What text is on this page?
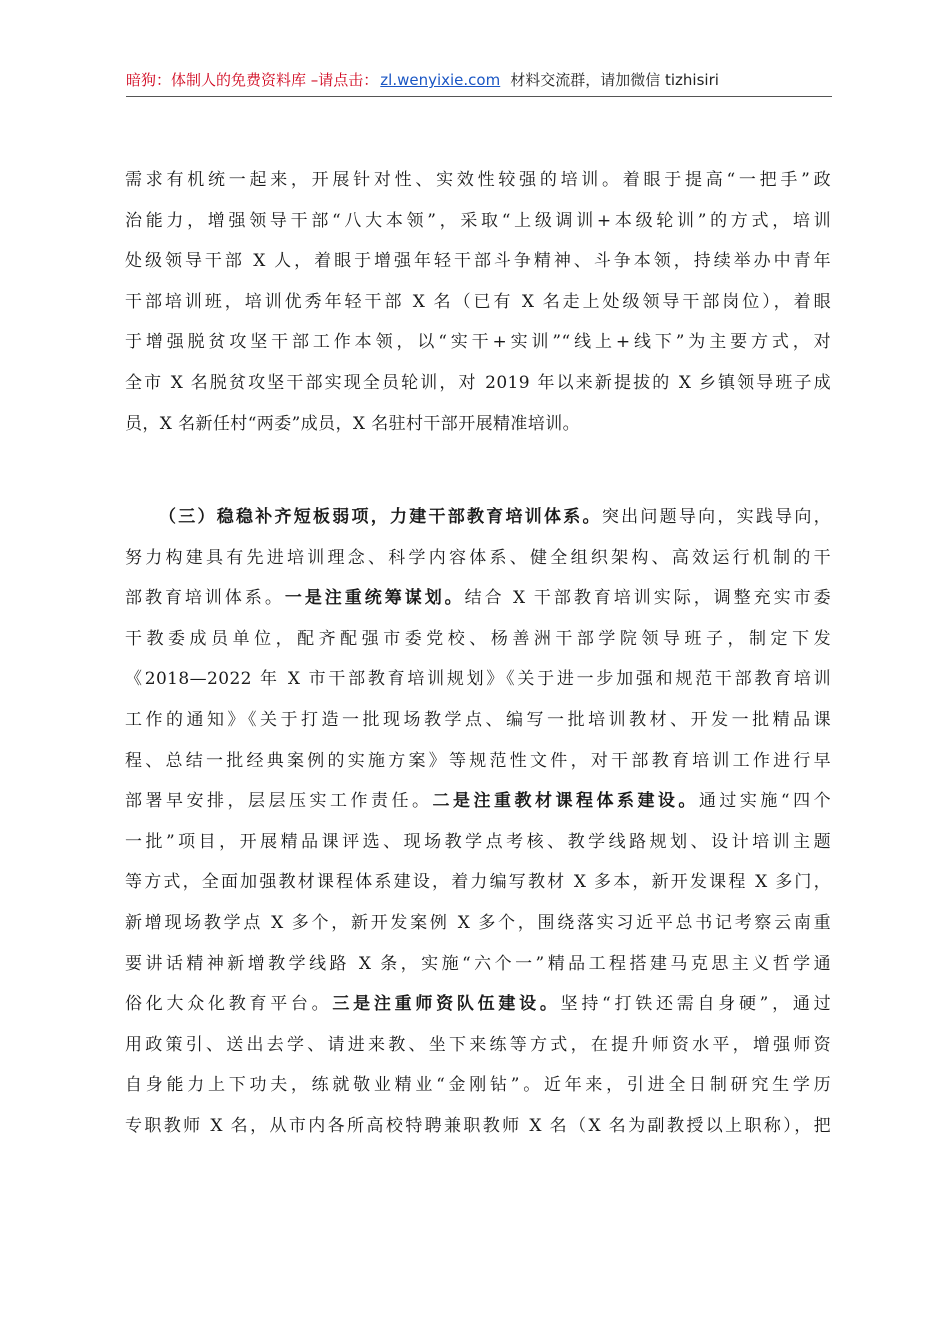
暗狗：体制人的免费资料库 –请点击： zl.wenyixie.com 材料交流群，请加微信 tizhisiri
需求有机统一起来，开展针对性、实效性较强的培训。着眼于提高“一把手”政
治能力，增强领导干部“八大本领”，采取“上级调训+本级轮训”的方式，培训
处级领导干部 X 人，着眼于增强年轻干部斗争精神、斗争本领，持续举办中青年
干部培训班，培训优秀年轻干部 X 名（已有 X 名走上处级领导干部岗位），着眼
于增强脱贫攻坚干部工作本领，以“实干+实训”“线上+线下”为主要方式，对
全市 X 名脱贫攻坚干部实现全员轮训，对 2019 年以来新提拔的 X 乡镇领导班子成
员，X 名新任村“两委”成员，X 名驻村干部开展精准培训。
（三）稳稳补齐短板弱项，力建干部教育培训体系。突出问题导向，实践导向，
努力构建具有先进培训理念、科学内容体系、健全组织架构、高效运行机制的干
部教育培训体系。一是注重统筹谋划。结合 X 干部教育培训实际，调整充实市委
干教委成员单位，配齐配强市委党校、杨善洲干部学院领导班子，制定下发
《2018—2022 年 X 市干部教育培训规划》《关于进一步加强和规范干部教育培训
工作的通知》《关于打造一批现场教学点、编写一批培训教材、开发一批精品课
程、总结一批经典案例的实施方案》等规范性文件，对干部教育培训工作进行早
部署早安排，层层压实工作责任。二是注重教材课程体系建设。通过实施“四个
一批”项目，开展精品课评选、现场教学点考核、教学线路规划、设计培训主题
等方式，全面加强教材课程体系建设，着力编写教材 X 多本，新开发课程 X 多门，
新增现场教学点 X 多个，新开发案例 X 多个，围绕落实习近平总书记考察云南重
要讲话精神新增教学线路 X 条，实施“六个一”精品工程搭建马克思主义哲学通
俗化大众化教育平台。三是注重师资队伍建设。坚持“打铁还需自身硬”，通过
用政策引、送出去学、请进来教、坐下来练等方式，在提升师资水平，增强师资
自身能力上下功夫，练就敬业精业“金刚钻”。近年来，引进全日制研究生学历
专职教师 X 名，从市内各所高校特聘兼职教师 X 名（X 名为副教授以上职称），把
